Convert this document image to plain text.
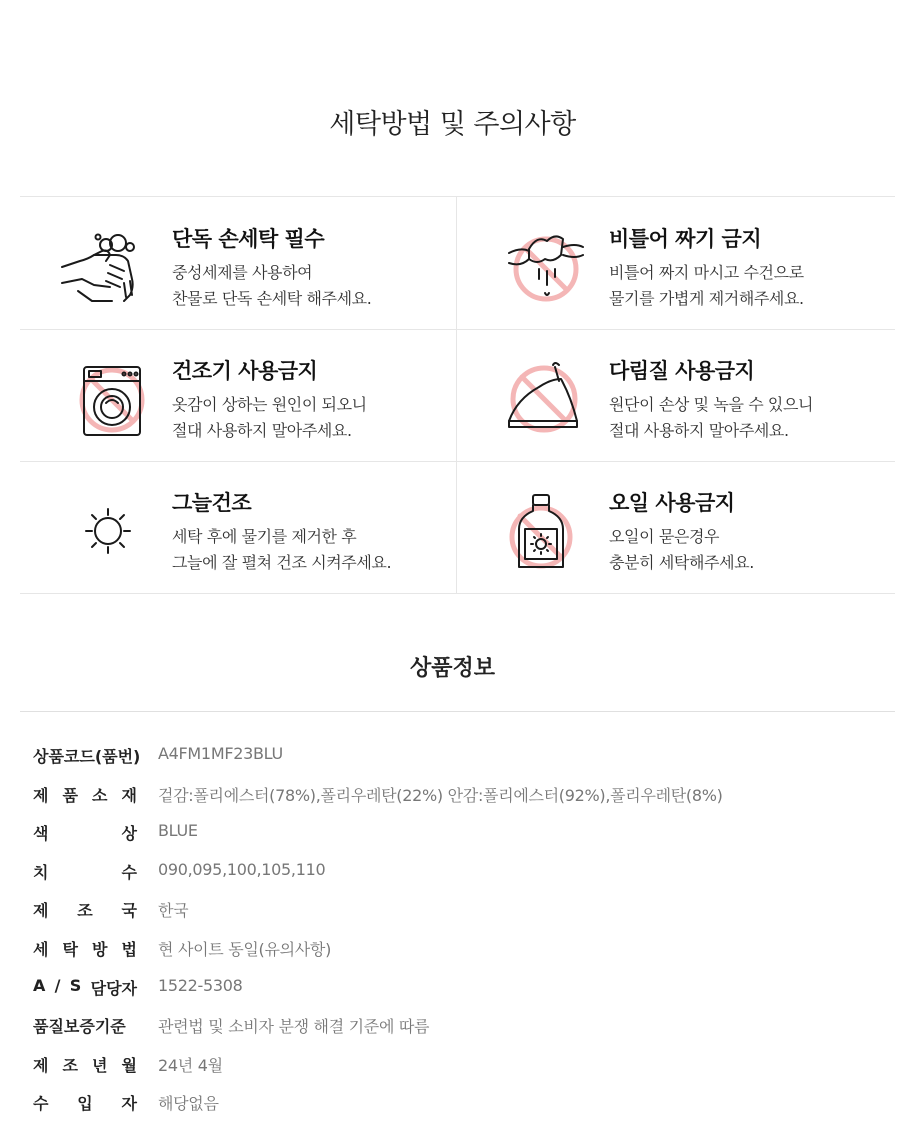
세탁방법 및 주의사항
단독 손세탁 필수
중성세제를 사용하여
찬물로 단독 손세탁 해주세요.
비틀어 짜기 금지
비틀어 짜지 마시고 수건으로
물기를 가볍게 제거해주세요.
건조기 사용금지
옷감이 상하는 원인이 되오니
절대 사용하지 말아주세요.
다림질 사용금지
원단이 손상 및 녹을 수 있으니
절대 사용하지 말아주세요.
그늘건조
세탁 후에 물기를 제거한 후
그늘에 잘 펼쳐 건조 시켜주세요.
오일 사용금지
오일이 묻은경우
충분히 세탁해주세요.
상품정보
상품코드(품번) A4FM1MF23BLU
제 품 소 재 겉감:폴리에스터(78%),폴리우레탄(22%) 안감:폴리에스터(92%),폴리우레탄(8%)
색	상 BLUE
치	수 090,095,100,105,110
제 조 국 한국
세 탁 방 법 현 사이트 동일(유의사항)
A / S 담당자 1522-5308
품질보증기준 관련법 및 소비자 분쟁 해결 기준에 따름
제 조 년 월 24년 4월
수 입 자 해당없음
